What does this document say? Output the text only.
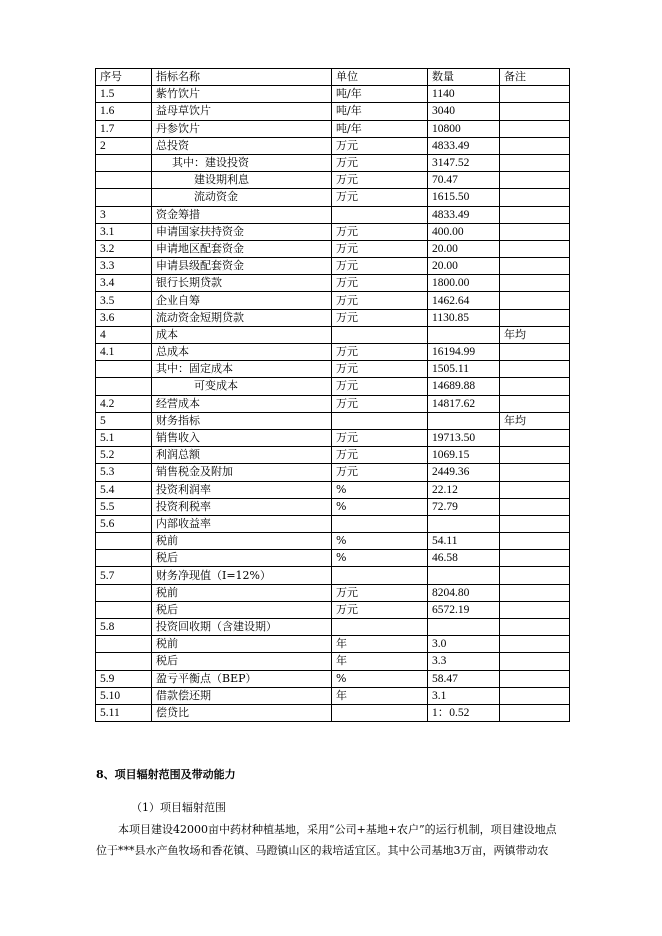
序号	指标名称	单位	数量	备注
1.5	紫竹饮片	吨/年	1140	
1.6	益母草饮片	吨/年	3040	
1.7	丹参饮片	吨/年	10800	
2	总投资	万元	4833.49	
	其中：建设投资	万元	3147.52	
	建设期利息	万元	70.47	
	流动资金	万元	1615.50	
3	资金筹措		4833.49	
3.1	申请国家扶持资金	万元	400.00	
3.2	申请地区配套资金	万元	20.00	
3.3	申请县级配套资金	万元	20.00	
3.4	银行长期贷款	万元	1800.00	
3.5	企业自筹	万元	1462.64	
3.6	流动资金短期贷款	万元	1130.85	
4	成本			年均
4.1	总成本	万元	16194.99	
	其中：固定成本	万元	1505.11	
	可变成本	万元	14689.88	
4.2	经营成本	万元	14817.62	
5	财务指标			年均
5.1	销售收入	万元	19713.50	
5.2	利润总额	万元	1069.15	
5.3	销售税金及附加	万元	2449.36	
5.4	投资利润率	%	22.12	
5.5	投资利税率	%	72.79	
5.6	内部收益率			
	税前	%	54.11	
	税后	%	46.58	
5.7	财务净现值（I=12%）			
	税前	万元	8204.80	
	税后	万元	6572.19	
5.8	投资回收期（含建设期）			
	税前	年	3.0	
	税后	年	3.3	
5.9	盈亏平衡点（BEP）	%	58.47	
5.10	借款偿还期	年	3.1	
5.11	偿贷比		1：0.52	
8、项目辐射范围及带动能力
（1）项目辐射范围
本项目建设42000亩中药材种植基地，采用“公司+基地+农户”的运行机制，项目建设地点
位于***县水产鱼牧场和香花镇、马蹬镇山区的栽培适宜区。其中公司基地3万亩，两镇带动农
